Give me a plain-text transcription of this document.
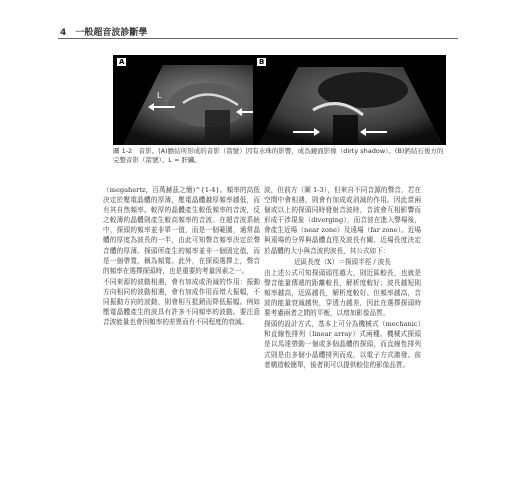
4 一般超音波診斷學
A
L
B
圖 1-2　音影。(A)膽結所形成的音影（箭號）因有水珠的影響，成為鏡面影像（dirty shadow）。(B)鈣結石後方的完整音影（箭號）。L = 肝臟。

（megahertz，百萬赫茲之簡)^{1-4}。頻率的高低決定於壓電晶體的厚薄，壓電晶體越厚頻率越低，而有其自然頻率。較厚的晶體產生較低頻率的音波，反之較薄的晶體則產生較高頻率的音波。在超音波系統中，探頭的頻率並非單一值，而是一個範圍，通常晶體的厚度為波長的一半，由此可知聲音頻率決定於聲音體的厚薄。探頭所產生的頻率並非一個固定值，而是一個帶寬，稱為頻寬。此外，在探頭選擇上，聲音的頻率在選擇探頭時，也是重要的考量因素之一。

不同來源的波動相遇，會有加成或消減的作用：振動方向相同的波動相遇，會有加成作用而增大振幅，不同振動方向的波動，則會相互抵銷而降低振幅。例如壓電晶體產生的波具有許多不同頻率的波動。要注意音波能量也會因頻率的差異而有不同程度的衰減。

波，但前方（圖 1-3），但來自不同音源的聲音，若在空間中會相遇，則會有加成或消減的作用。因此當兩個或以上的探頭同時發射音波時，音波會互相影響而形成干涉現象（diverging），而音波在進入聲場後，會產生近場（near zone）及遠場（far zone）。近場與遠場的分界與晶體直徑及波長有關，近場長度決定於晶體的大小與音波的波長，其公式如下：

近區長度（X）＝探頭半徑 / 波長

由上述公式可知探頭頭徑越大，則近區較長，也就是聲音能量傳遞的距離較長，解析度較好；波長越短則頻率越高，近區越長，解析度較好。但頻率越高，音波的能量衰減越快，穿透力越差，因此在選擇探頭時要考慮兩者之間的平衡，以增加影像品質。

探頭的設計方式，基本上可分為機械式（mechanic）和直線性排列（linear array）式兩種。機械式探頭是以馬達帶動一個或多個晶體的探頭，而直線性排列式則是由多個小晶體排列而成，以電子方式激發。前者構造較簡單，後者則可以提供較佳的影像品質。
